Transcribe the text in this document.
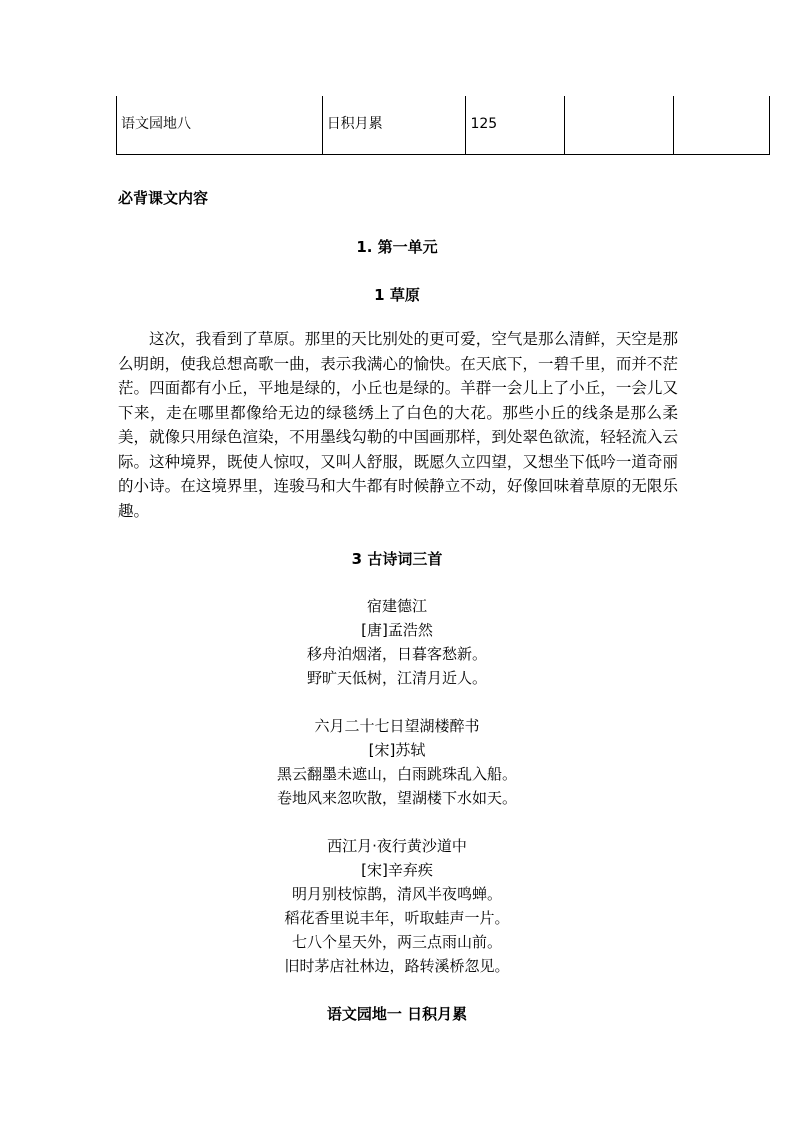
语文园地八	日积月累	125
必背课文内容
1. 第一单元
1 草原
这次，我看到了草原。那里的天比别处的更可爱，空气是那么清鲜，天空是那么明朗，使我总想高歌一曲，表示我满心的愉快。在天底下，一碧千里，而并不茫茫。四面都有小丘，平地是绿的，小丘也是绿的。羊群一会儿上了小丘，一会儿又下来，走在哪里都像给无边的绿毯绣上了白色的大花。那些小丘的线条是那么柔美，就像只用绿色渲染，不用墨线勾勒的中国画那样，到处翠色欲流，轻轻流入云际。这种境界，既使人惊叹，又叫人舒服，既愿久立四望，又想坐下低吟一道奇丽的小诗。在这境界里，连骏马和大牛都有时候静立不动，好像回味着草原的无限乐趣。
3 古诗词三首
宿建德江
[唐]孟浩然
移舟泊烟渚，日暮客愁新。
野旷天低树，江清月近人。
六月二十七日望湖楼醉书
[宋]苏轼
黑云翻墨未遮山，白雨跳珠乱入船。
卷地风来忽吹散，望湖楼下水如天。
西江月·夜行黄沙道中
[宋]辛弃疾
明月别枝惊鹊，清风半夜鸣蝉。
稻花香里说丰年，听取蛙声一片。
七八个星天外，两三点雨山前。
旧时茅店社林边，路转溪桥忽见。
语文园地一 日积月累
